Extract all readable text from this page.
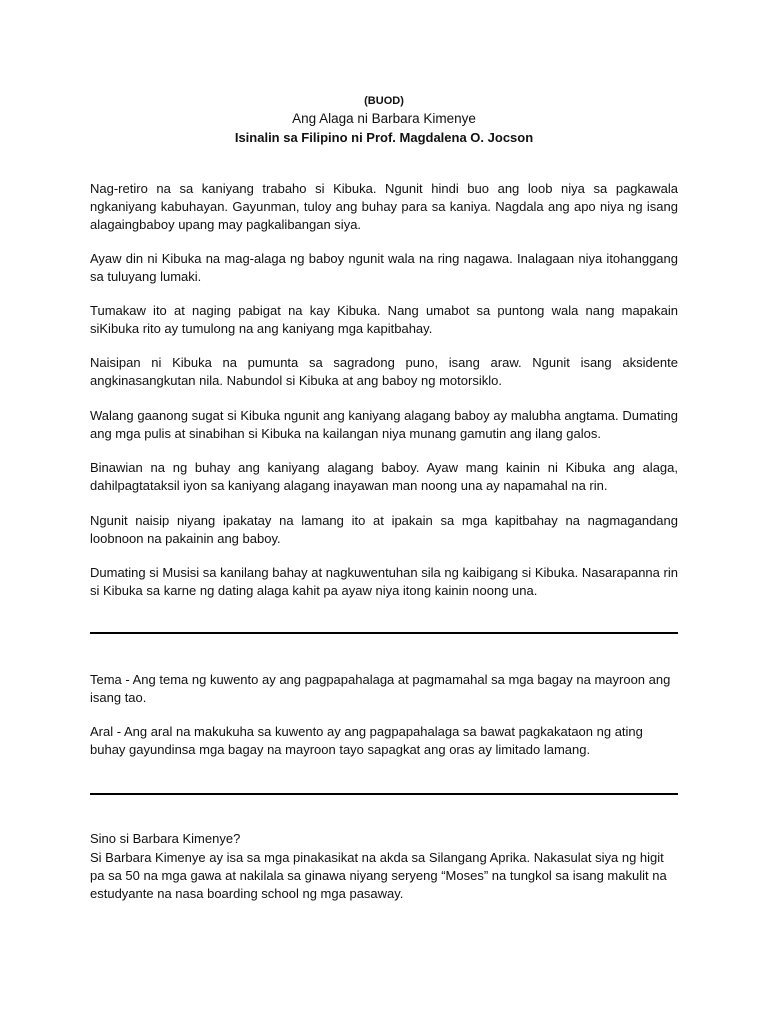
(BUOD)
Ang Alaga ni Barbara Kimenye
Isinalin sa Filipino ni Prof. Magdalena O. Jocson

Nag-retiro na sa kaniyang trabaho si Kibuka. Ngunit hindi buo ang loob niya sa pagkawala ngkaniyang kabuhayan. Gayunman, tuloy ang buhay para sa kaniya. Nagdala ang apo niya ng isang alagaingbaboy upang may pagkalibangan siya.

Ayaw din ni Kibuka na mag-alaga ng baboy ngunit wala na ring nagawa. Inalagaan niya itohanggang sa tuluyang lumaki.

Tumakaw ito at naging pabigat na kay Kibuka. Nang umabot sa puntong wala nang mapakain siKibuka rito ay tumulong na ang kaniyang mga kapitbahay.

Naisipan ni Kibuka na pumunta sa sagradong puno, isang araw. Ngunit isang aksidente angkinasangkutan nila. Nabundol si Kibuka at ang baboy ng motorsiklo.

Walang gaanong sugat si Kibuka ngunit ang kaniyang alagang baboy ay malubha angtama. Dumating ang mga pulis at sinabihan si Kibuka na kailangan niya munang gamutin ang ilang galos.

Binawian na ng buhay ang kaniyang alagang baboy. Ayaw mang kainin ni Kibuka ang alaga, dahilpagtataksil iyon sa kaniyang alagang inayawan man noong una ay napamahal na rin.

Ngunit naisip niyang ipakatay na lamang ito at ipakain sa mga kapitbahay na nagmagandang loobnoon na pakainin ang baboy.

Dumating si Musisi sa kanilang bahay at nagkuwentuhan sila ng kaibigang si Kibuka. Nasarapanna rin si Kibuka sa karne ng dating alaga kahit pa ayaw niya itong kainin noong una.

Tema - Ang tema ng kuwento ay ang pagpapahalaga at pagmamahal sa mga bagay na mayroon ang isang tao.

Aral - Ang aral na makukuha sa kuwento ay ang pagpapahalaga sa bawat pagkakataon ng ating buhay gayundinsa mga bagay na mayroon tayo sapagkat ang oras ay limitado lamang.

Sino si Barbara Kimenye?

Si Barbara Kimenye ay isa sa mga pinakasikat na akda sa Silangang Aprika. Nakasulat siya ng higit pa sa 50 na mga gawa at nakilala sa ginawa niyang seryeng “Moses” na tungkol sa isang makulit na estudyante na nasa boarding school ng mga pasaway.
